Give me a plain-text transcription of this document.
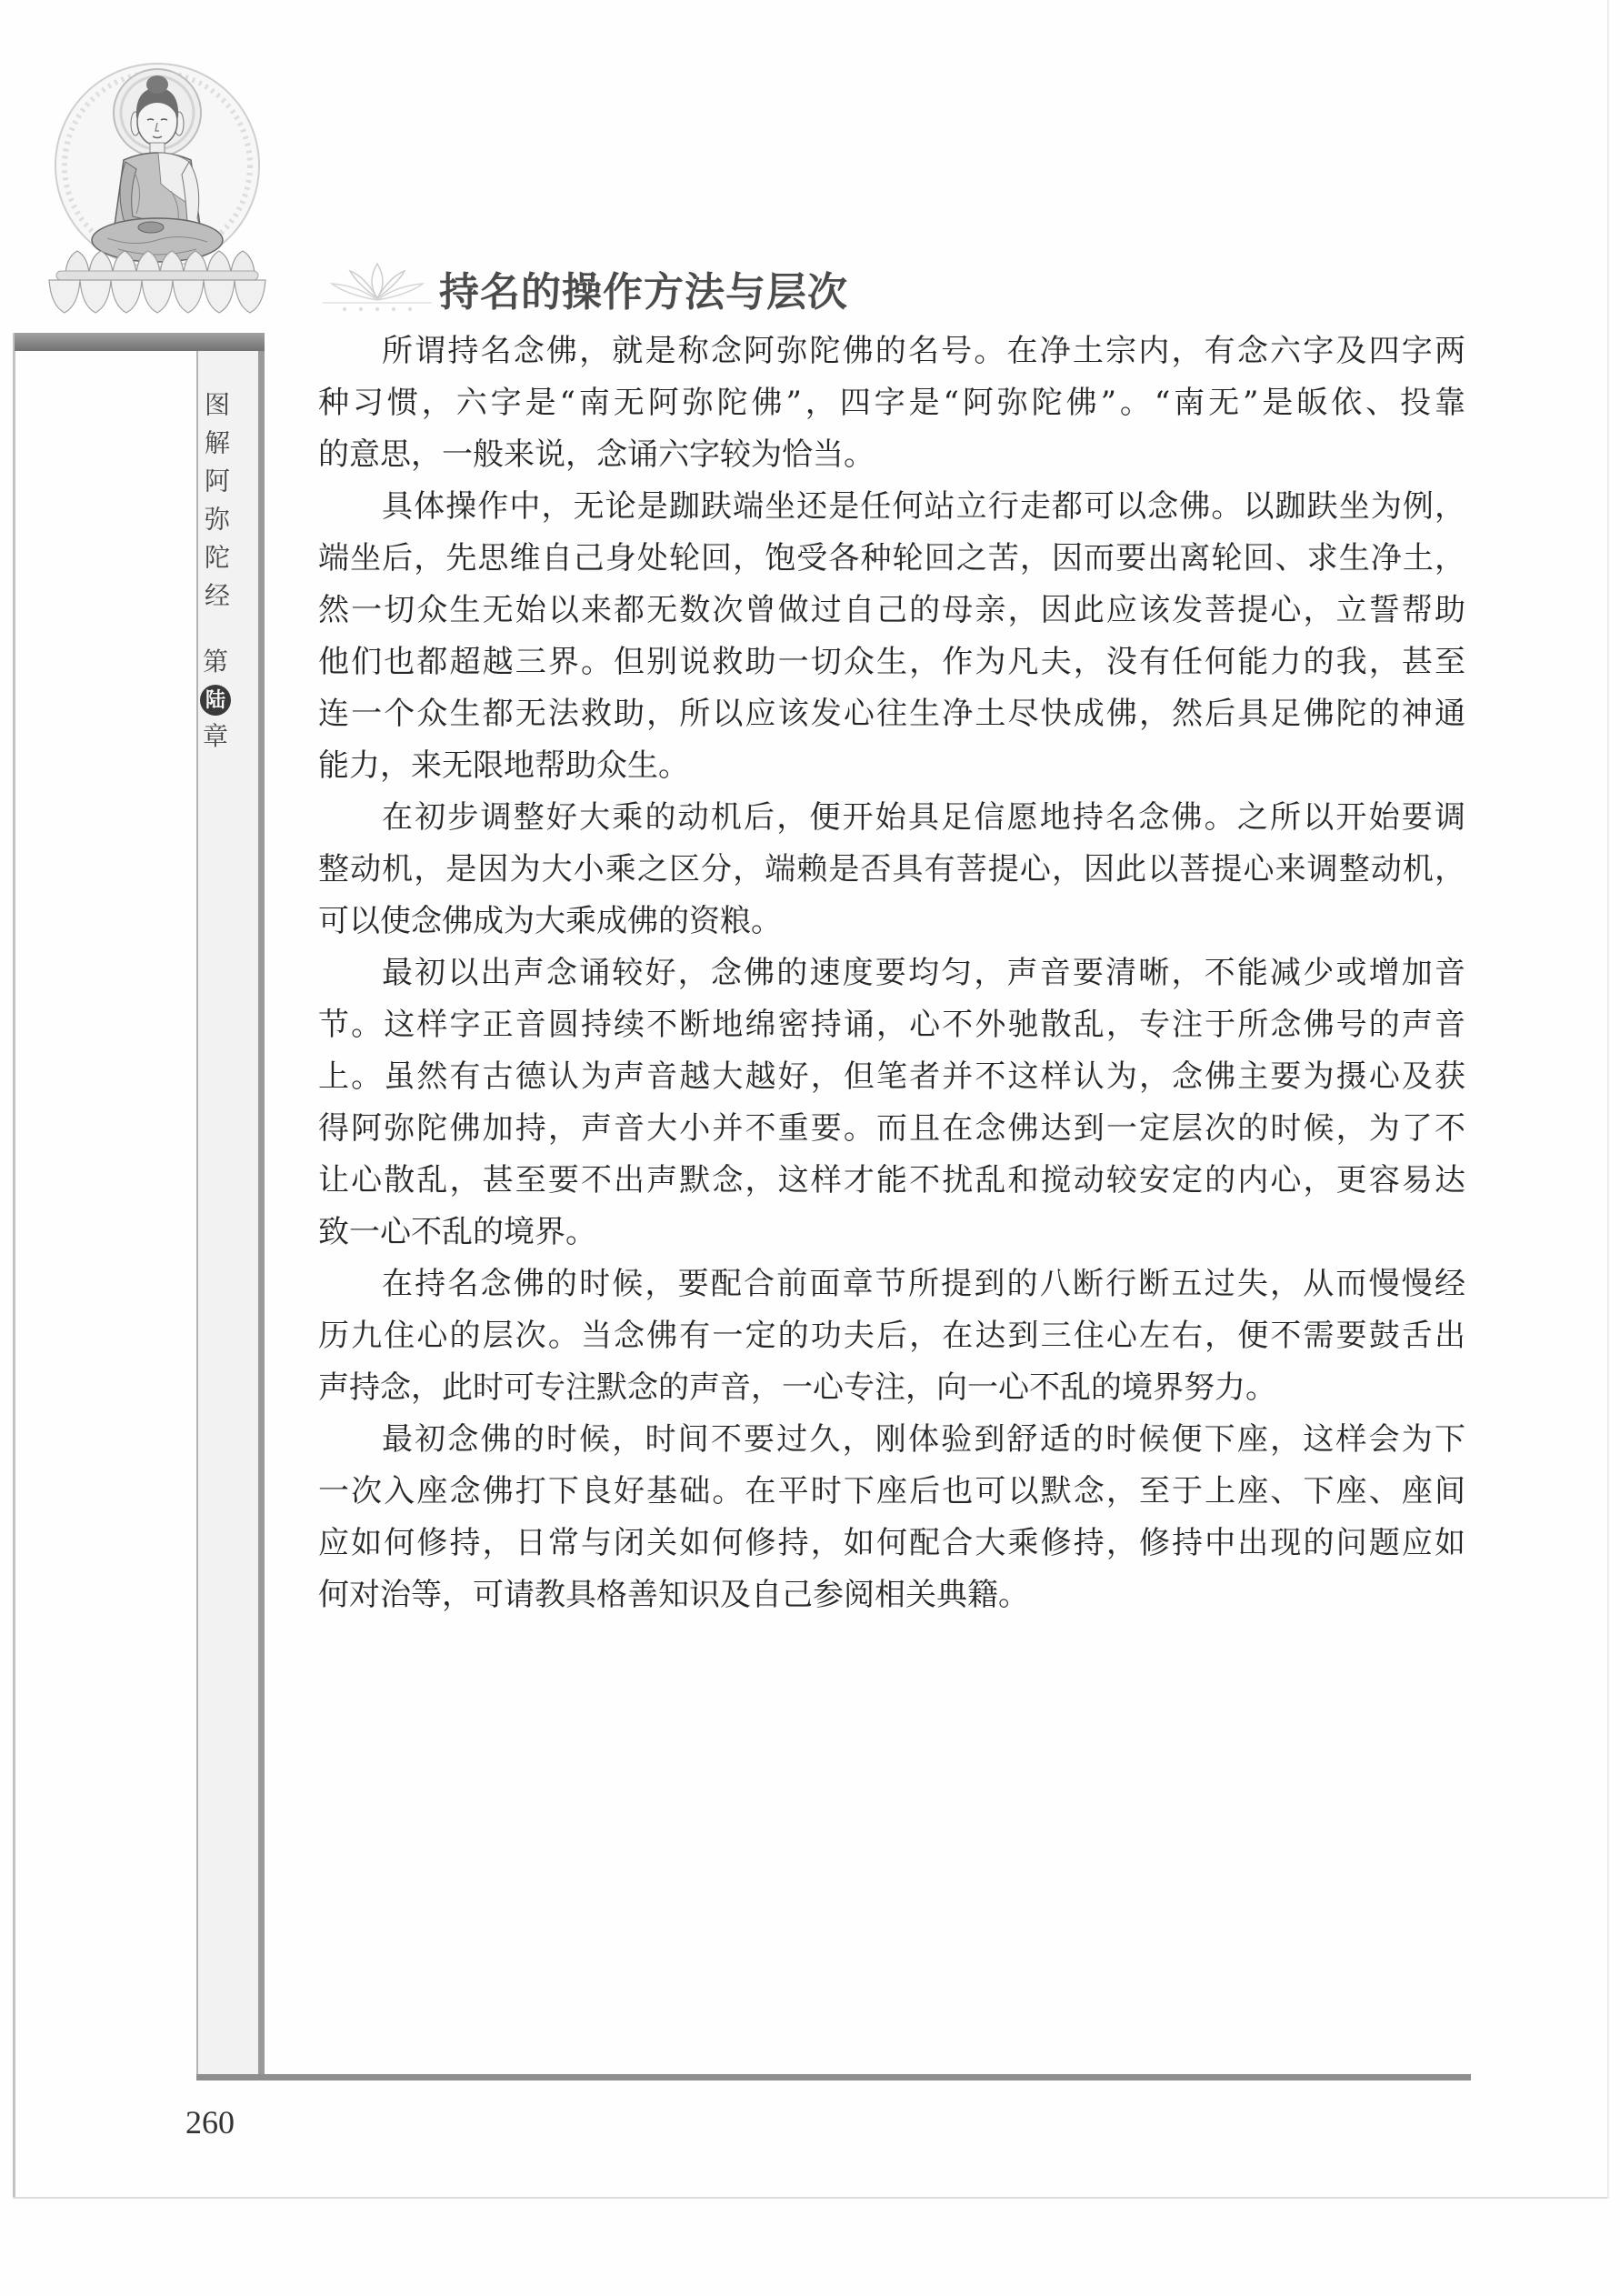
持名的操作方法与层次
图解阿弥陀经
第
陆
章
所谓持名念佛，就是称念阿弥陀佛的名号。在净土宗内，有念六字及四字两
种习惯，六字是“南无阿弥陀佛”，四字是“阿弥陀佛”。“南无”是皈依、投靠
的意思，一般来说，念诵六字较为恰当。
具体操作中，无论是跏趺端坐还是任何站立行走都可以念佛。以跏趺坐为例，
端坐后，先思维自己身处轮回，饱受各种轮回之苦，因而要出离轮回、求生净土，
然一切众生无始以来都无数次曾做过自己的母亲，因此应该发菩提心，立誓帮助
他们也都超越三界。但别说救助一切众生，作为凡夫，没有任何能力的我，甚至
连一个众生都无法救助，所以应该发心往生净土尽快成佛，然后具足佛陀的神通
能力，来无限地帮助众生。
在初步调整好大乘的动机后，便开始具足信愿地持名念佛。之所以开始要调
整动机，是因为大小乘之区分，端赖是否具有菩提心，因此以菩提心来调整动机，
可以使念佛成为大乘成佛的资粮。
最初以出声念诵较好，念佛的速度要均匀，声音要清晰，不能减少或增加音
节。这样字正音圆持续不断地绵密持诵，心不外驰散乱，专注于所念佛号的声音
上。虽然有古德认为声音越大越好，但笔者并不这样认为，念佛主要为摄心及获
得阿弥陀佛加持，声音大小并不重要。而且在念佛达到一定层次的时候，为了不
让心散乱，甚至要不出声默念，这样才能不扰乱和搅动较安定的内心，更容易达
致一心不乱的境界。
在持名念佛的时候，要配合前面章节所提到的八断行断五过失，从而慢慢经
历九住心的层次。当念佛有一定的功夫后，在达到三住心左右，便不需要鼓舌出
声持念，此时可专注默念的声音，一心专注，向一心不乱的境界努力。
最初念佛的时候，时间不要过久，刚体验到舒适的时候便下座，这样会为下
一次入座念佛打下良好基础。在平时下座后也可以默念，至于上座、下座、座间
应如何修持，日常与闭关如何修持，如何配合大乘修持，修持中出现的问题应如
何对治等，可请教具格善知识及自己参阅相关典籍。
260
